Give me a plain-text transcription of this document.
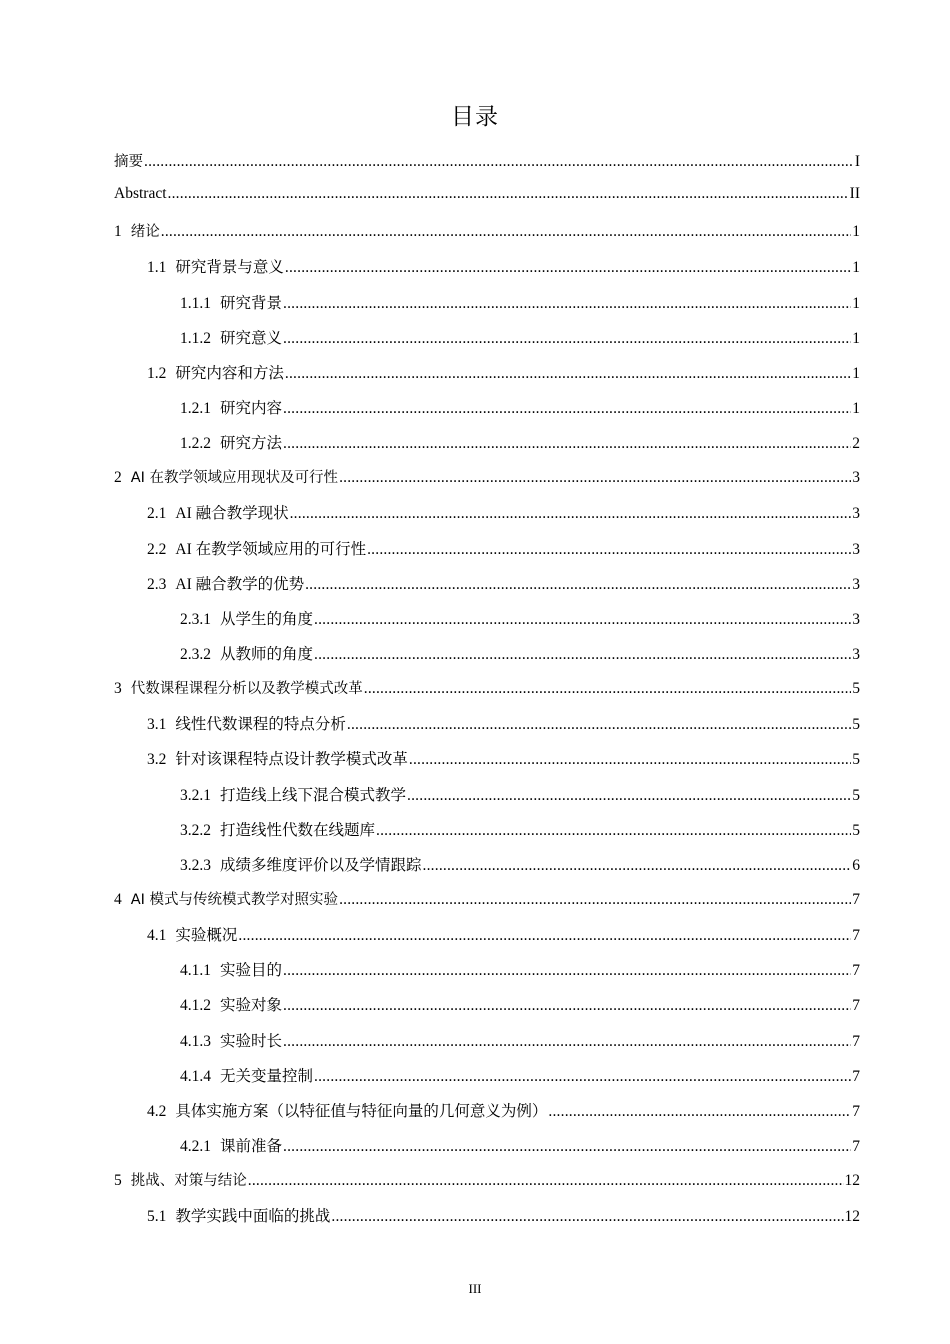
目录
摘要 .....	I
Abstract .....	II
1 绪论 .....	1
1.1 研究背景与意义 .....	1
1.1.1 研究背景 .....	1
1.1.2 研究意义 .....	1
1.2 研究内容和方法 .....	1
1.2.1 研究内容 .....	1
1.2.2 研究方法 .....	2
2 AI 在教学领域应用现状及可行性 .....	3
2.1 AI 融合教学现状 .....	3
2.2 AI 在教学领域应用的可行性 .....	3
2.3 AI 融合教学的优势 .....	3
2.3.1 从学生的角度 .....	3
2.3.2 从教师的角度 .....	3
3 代数课程课程分析以及教学模式改革 .....	5
3.1 线性代数课程的特点分析 .....	5
3.2 针对该课程特点设计教学模式改革 .....	5
3.2.1 打造线上线下混合模式教学 .....	5
3.2.2 打造线性代数在线题库 .....	5
3.2.3 成绩多维度评价以及学情跟踪 .....	6
4 AI 模式与传统模式教学对照实验 .....	7
4.1 实验概况 .....	7
4.1.1 实验目的 .....	7
4.1.2 实验对象 .....	7
4.1.3 实验时长 .....	7
4.1.4 无关变量控制 .....	7
4.2 具体实施方案（以特征值与特征向量的几何意义为例） .....	7
4.2.1 课前准备 .....	7
5 挑战、对策与结论 .....	12
5.1 教学实践中面临的挑战 .....	12
III
